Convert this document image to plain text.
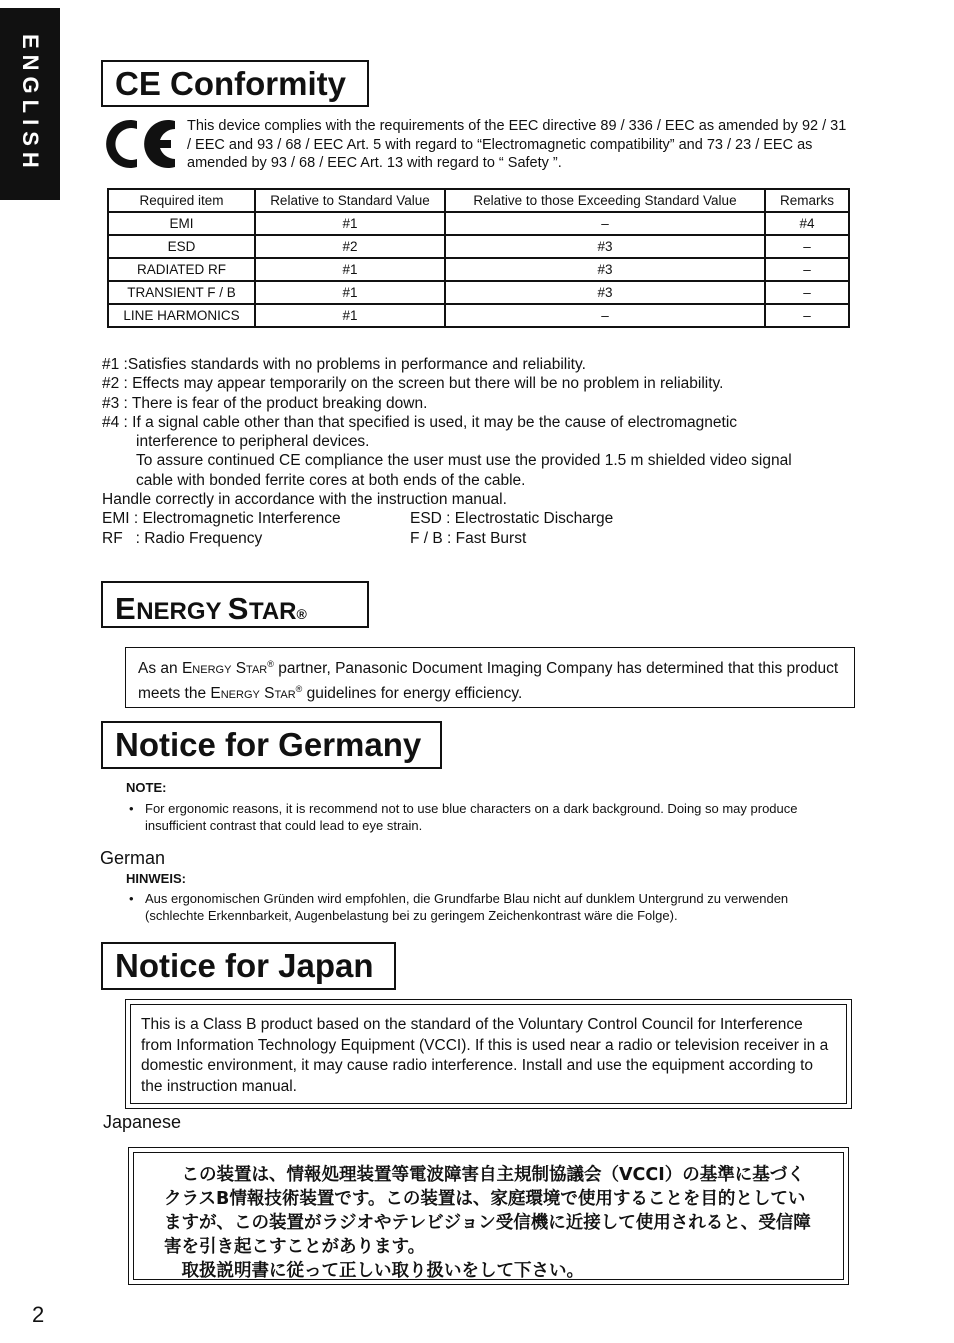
ENGLISH CE Conformity
This device complies with the requirements of the EEC directive 89 / 336 / EEC as amended by 92 / 31 / EEC and 93 / 68 / EEC Art. 5 with regard to “Electromagnetic compatibility” and 73 / 23 / EEC as amended by 93 / 68 / EEC Art. 13 with regard to “ Safety ”.
Required item	Relative to Standard Value	Relative to those Exceeding Standard Value	Remarks
EMI	#1	–	#4
ESD	#2	#3	–
RADIATED RF	#1	#3	–
TRANSIENT F / B	#1	#3	–
LINE HARMONICS	#1	–	–

#1 :Satisfies standards with no problems in performance and reliability.

#2 : Effects may appear temporarily on the screen but there will be no problem in reliability.

#3 : There is fear of the product breaking down.

#4 : If a signal cable other than that specified is used, it may be the cause of electromagnetic

interference to peripheral devices.

To assure continued CE compliance the user must use the provided 1.5 m shielded video signal

cable with bonded ferrite cores at both ends of the cable.

Handle correctly in accordance with the instruction manual.

EMI : Electromagnetic Interference	ESD : Electrostatic Discharge
RF   : Radio Frequency	F / B : Fast Burst
E NERGY S TAR ®
As an Energy Star® partner, Panasonic Document Imaging Company has determined that this product meets the Energy Star® guidelines for energy efficiency.
Notice for Germany
NOTE:
• For ergonomic reasons, it is recommend not to use blue characters on a dark background. Doing so may produce insufficient contrast that could lead to eye strain.
German
HINWEIS:
• Aus ergonomischen Gründen wird empfohlen, die Grundfarbe Blau nicht auf dunklem Untergrund zu verwenden (schlechte Erkennbarkeit, Augenbelastung bei zu geringem Zeichenkontrast wäre die Folge).
Notice for Japan
This is a Class B product based on the standard of the Voluntary Control Council for Interference from Information Technology Equipment (VCCI). If this is used near a radio or television receiver in a domestic environment, it may cause radio interference. Install and use the equipment according to the instruction manual.
Japanese

この装置は、情報処理装置等電波障害自主規制協議会（VCCI）の基準に基づくクラスB情報技術装置です。この装置は、家庭環境で使用することを目的としていますが、この装置がラジオやテレビジョン受信機に近接して使用されると、受信障害を引き起こすことがあります。

取扱説明書に従って正しい取り扱いをして下さい。

2
